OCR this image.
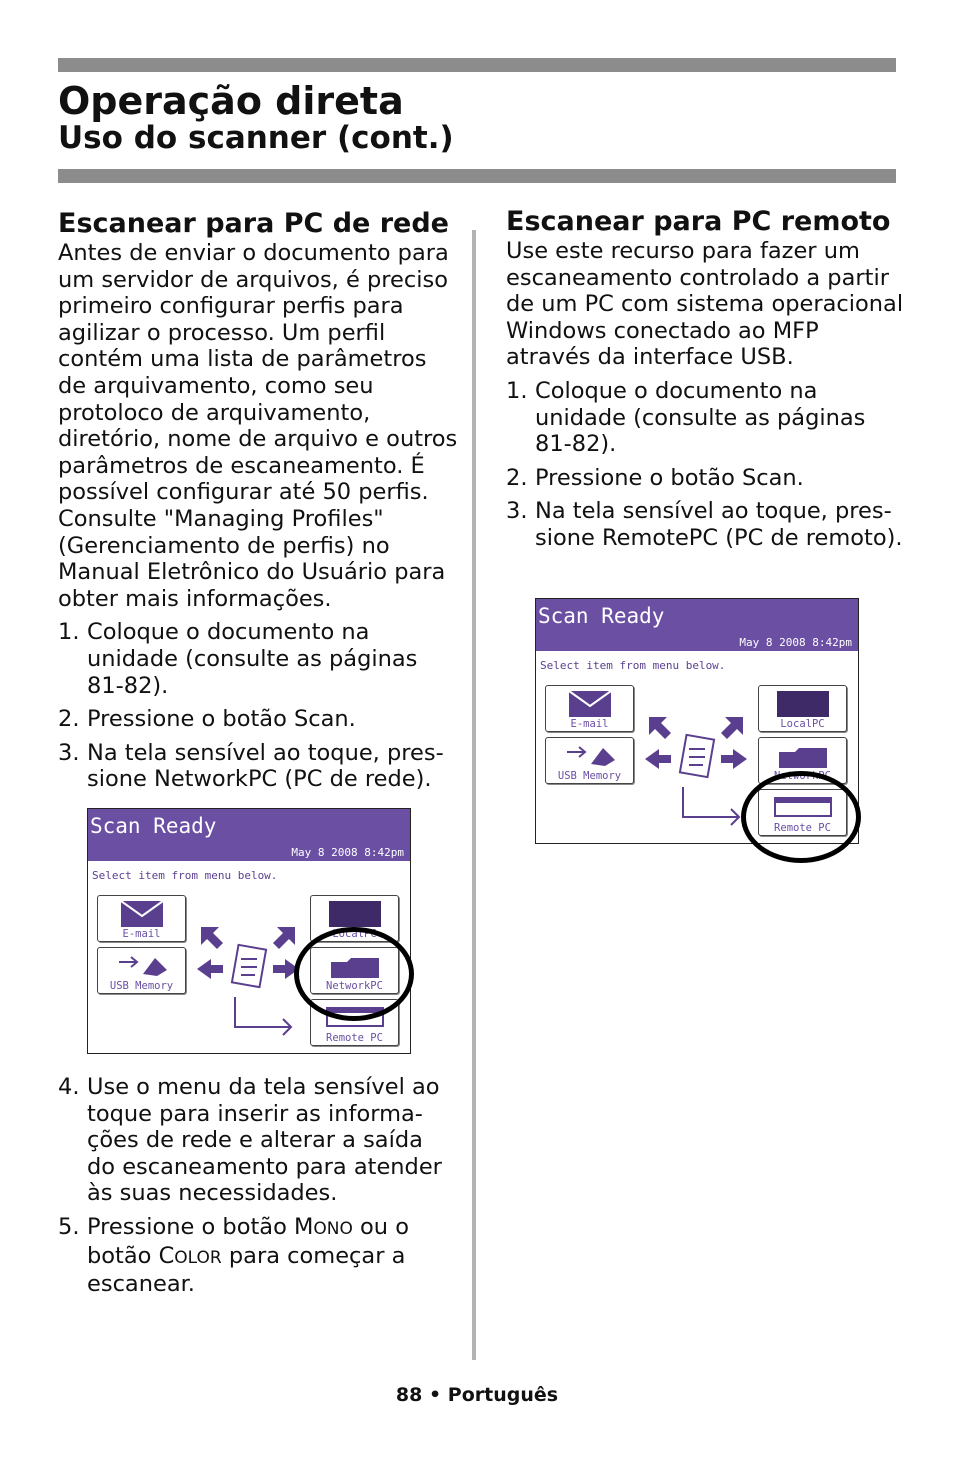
Operação direta
Uso do scanner (cont.)
Escanear para PC de rede

Antes de enviar o documento para um servidor de arquivos, é preciso primeiro configurar perfis para agilizar o processo. Um perfil contém uma lista de parâmetros de arquivamento, como seu protoloco de arquivamento, diretório, nome de arquivo e outros parâmetros de escaneamento. É possível configurar até 50 perfis. Consulte "Managing Profiles" (Gerenciamento de perfis) no Manual Eletrônico do Usuário para obter mais informações.

1. Coloque o documento na unidade (consulte as páginas 81-82).
2. Pressione o botão Scan.
3. Na tela sensível ao toque, pres-sione NetworkPC (PC de rede).
Scan Ready
May 8 2008 8:42pm
Select item from menu below.
E-mail
USB Memory
LocalPC
NetworkPC
Remote PC
4. Use o menu da tela sensível ao toque para inserir as informa-ções de rede e alterar a saída do escaneamento para atender às suas necessidades.
5. Pressione o botão MONO ou o botão COLOR para começar a escanear.
Escanear para PC remoto

Use este recurso para fazer um escaneamento controlado a partir de um PC com sistema operacional Windows conectado ao MFP através da interface USB.

1. Coloque o documento na unidade (consulte as páginas 81-82).
2. Pressione o botão Scan.
3. Na tela sensível ao toque, pres-sione RemotePC (PC de remoto).
Scan Ready
May 8 2008 8:42pm
Select item from menu below.
E-mail
USB Memory
LocalPC
NetworkPC
Remote PC
88 • Português
